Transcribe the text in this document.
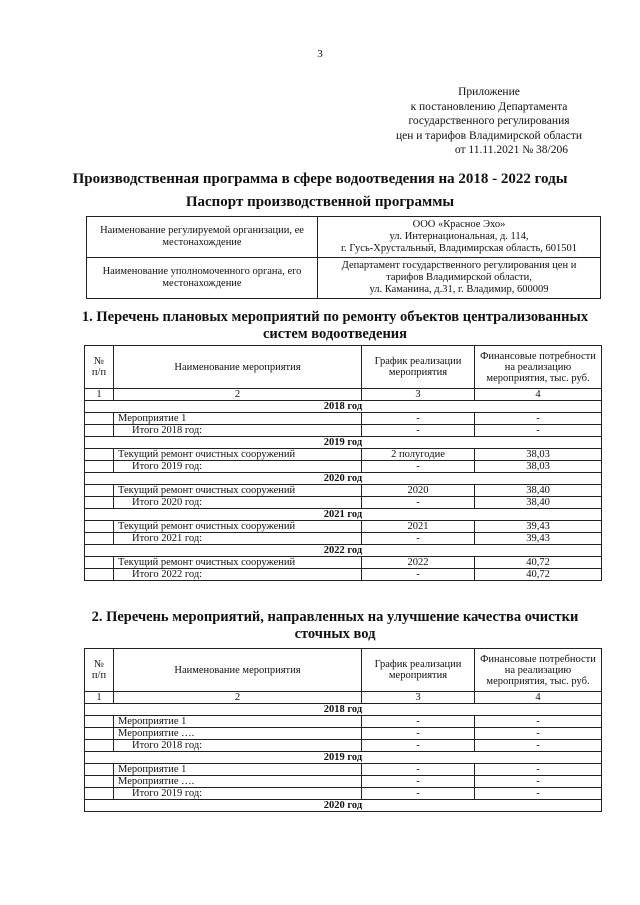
3
Приложение
к постановлению Департамента
государственного регулирования
цен и тарифов Владимирской области
от 11.11.2021 № 38/206
Производственная программа в сфере водоотведения на 2018 - 2022 годы
Паспорт производственной программы
Наименование регулируемой организации, ее местонахождение	ООО «Красное Эхо»
ул. Интернациональная, д. 114,
г. Гусь-Хрустальный, Владимирская область, 601501

Наименование уполномоченного органа, его местонахождение	Департамент государственного регулирования цен и
тарифов Владимирской области,
ул. Каманина, д.31, г. Владимир, 600009
1. Перечень плановых мероприятий по ремонту объектов централизованных систем водоотведения
№ п/п	Наименование мероприятия	График реализации мероприятия	Финансовые потребности на реализацию мероприятия, тыс. руб.
1	2	3	4
2018 год			
	Мероприятие 1	-	-
	Итого 2018 год:	-	-
2019 год			
	Текущий ремонт очистных сооружений	2 полугодие	38,03
	Итого 2019 год:	-	38,03
2020 год			
	Текущий ремонт очистных сооружений	2020	38,40
	Итого 2020 год:	-	38,40
2021 год			
	Текущий ремонт очистных сооружений	2021	39,43
	Итого 2021 год:	-	39,43
2022 год			
	Текущий ремонт очистных сооружений	2022	40,72
	Итого 2022 год:	-	40,72
2. Перечень мероприятий, направленных на улучшение качества очистки сточных вод
№ п/п	Наименование мероприятия	График реализации мероприятия	Финансовые потребности на реализацию мероприятия, тыс. руб.
1	2	3	4
2018 год			
	Мероприятие 1	-	-
	Мероприятие ….	-	-
	Итого 2018 год:	-	-
2019 год			
	Мероприятие 1	-	-
	Мероприятие ….	-	-
	Итого 2019 год:	-	-
2020 год			
